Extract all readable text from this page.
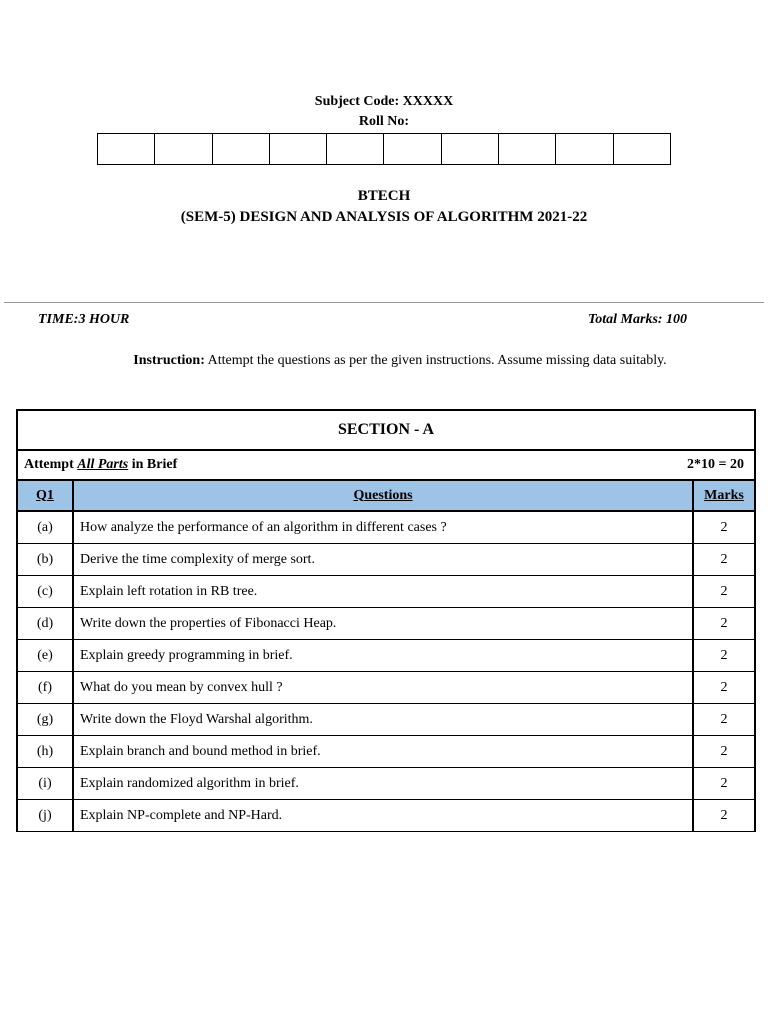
Subject Code: XXXXX
Roll No:
BTECH
(SEM-5) DESIGN AND ANALYSIS OF ALGORITHM 2021-22
TIME:3 HOUR	Total Marks: 100
Instruction: Attempt the questions as per the given instructions. Assume missing data suitably.
SECTION - A		

Attempt All Parts in Brief 2*10 = 20		

Q1	Questions	Marks
(a)	How analyze the performance of an algorithm in different cases ?	2
(b)	Derive the time complexity of merge sort.	2
(c)	Explain left rotation in RB tree.	2
(d)	Write down the properties of Fibonacci Heap.	2
(e)	Explain greedy programming in brief.	2
(f)	What do you mean by convex hull ?	2
(g)	Write down the Floyd Warshal algorithm.	2
(h)	Explain branch and bound method in brief.	2
(i)	Explain randomized algorithm in brief.	2
(j)	Explain NP-complete and NP-Hard.	2
